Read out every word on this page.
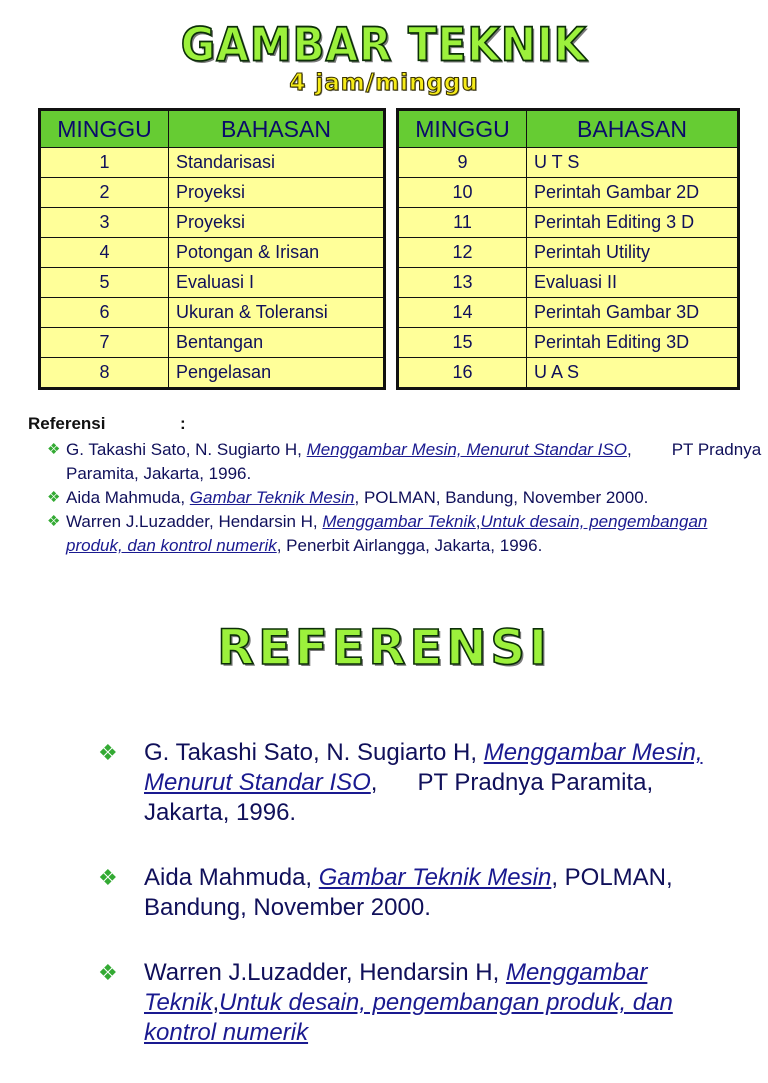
GAMBAR TEKNIK
4 jam/minggu
MINGGU	BAHASAN
1	Standarisasi
2	Proyeksi
3	Proyeksi
4	Potongan & Irisan
5	Evaluasi I
6	Ukuran & Toleransi
7	Bentangan
8	Pengelasan
MINGGU	BAHASAN
9	U T S
10	Perintah Gambar 2D
11	Perintah Editing 3 D
12	Perintah Utility
13	Evaluasi II
14	Perintah Gambar 3D
15	Perintah Editing 3D
16	U A S
Referensi	:
❖ G. Takashi Sato, N. Sugiarto H, Menggambar Mesin, Menurut Standar ISO, PT Pradnya Paramita, Jakarta, 1996.
❖ Aida Mahmuda, Gambar Teknik Mesin, POLMAN, Bandung, November 2000.
❖ Warren J.Luzadder, Hendarsin H, Menggambar Teknik,Untuk desain, pengembangan produk, dan kontrol numerik, Penerbit Airlangga, Jakarta, 1996.
REFERENSI
❖ G. Takashi Sato, N. Sugiarto H, Menggambar Mesin, Menurut Standar ISO, PT Pradnya Paramita, Jakarta, 1996.
❖ Aida Mahmuda, Gambar Teknik Mesin, POLMAN, Bandung, November 2000.
❖ Warren J.Luzadder, Hendarsin H, Menggambar Teknik,Untuk desain, pengembangan produk, dan kontrol numerik
